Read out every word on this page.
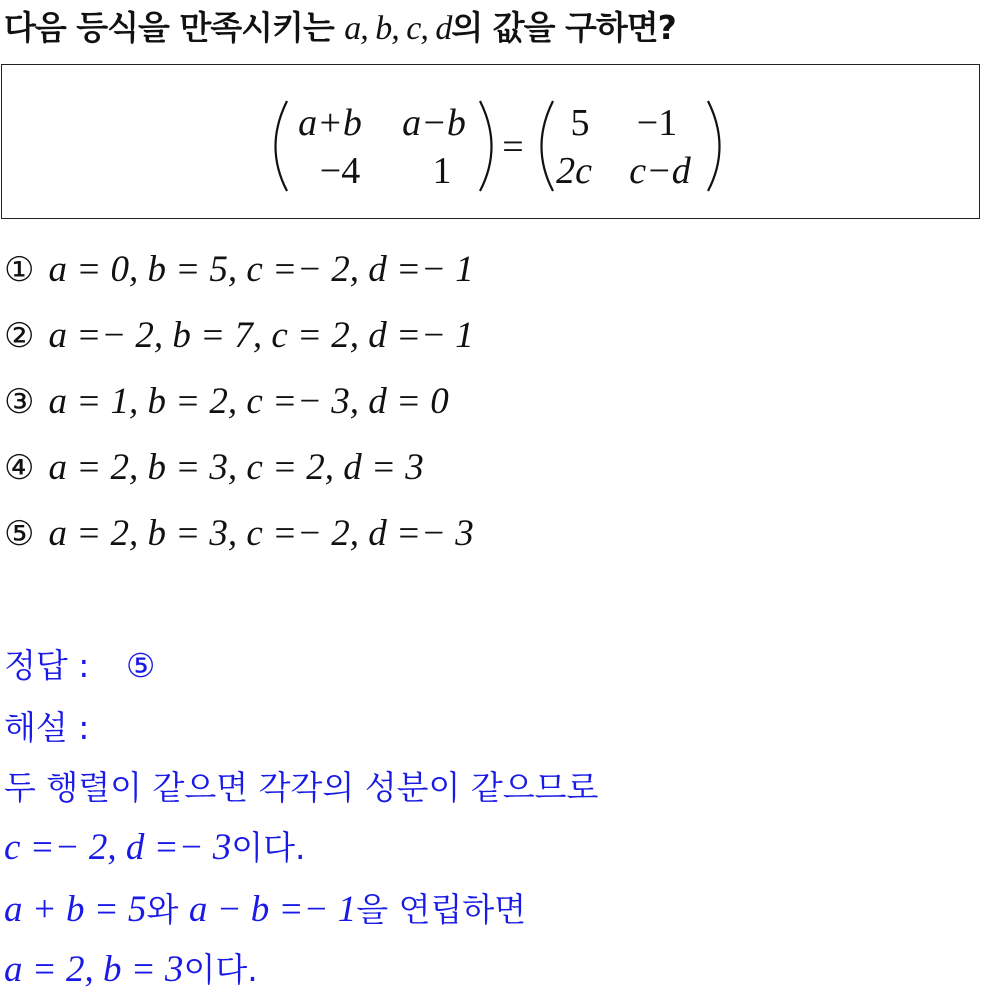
다음 등식을 만족시키는 a, b, c, d의 값을 구하면?
a+b a−b
−4 1
=
5 −1
2c c−d
① a = 0, b = 5, c =− 2, d =− 1
② a =− 2, b = 7, c = 2, d =− 1
③ a = 1, b = 2, c =− 3, d = 0
④ a = 2, b = 3, c = 2, d = 3
⑤ a = 2, b = 3, c =− 2, d =− 3
정답 : ⑤
해설 :
두 행렬이 같으면 각각의 성분이 같으므로
c =− 2, d =− 3이다.
a + b = 5와 a − b =− 1을 연립하면
a = 2, b = 3이다.
